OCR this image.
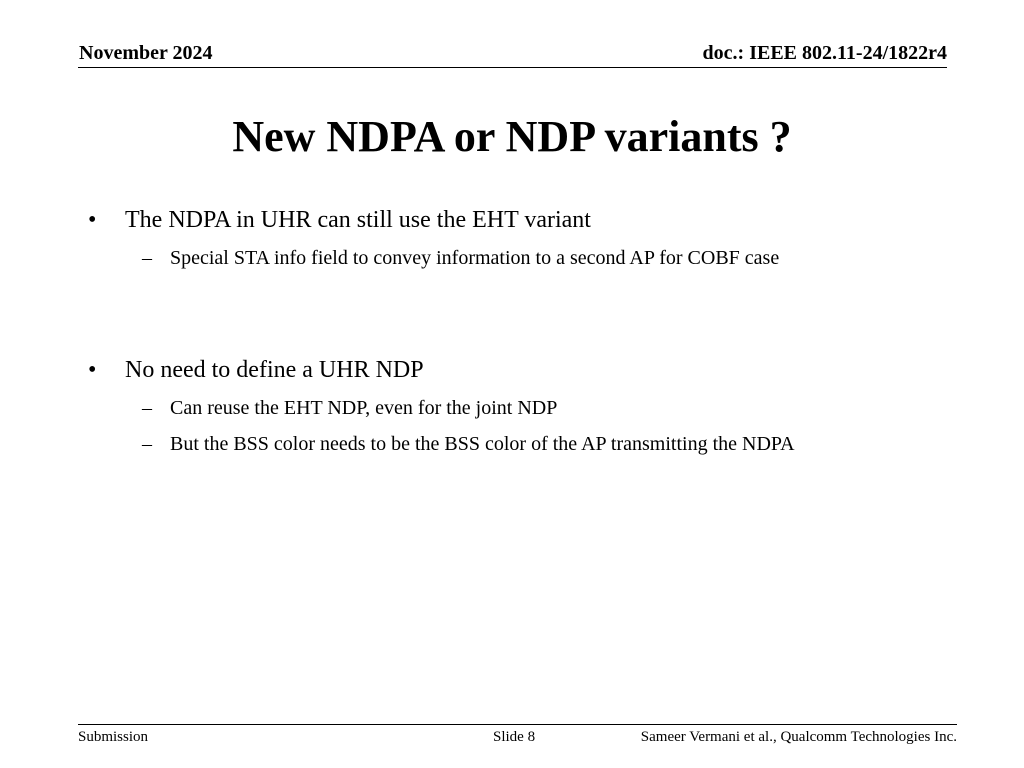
November 2024	doc.: IEEE 802.11-24/1822r4
New NDPA or NDP variants ?
• The NDPA in UHR can still use the EHT variant
– Special STA info field to convey information to a second AP for COBF case
• No need to define a UHR NDP
– Can reuse the EHT NDP, even for the joint NDP
– But the BSS color needs to be the BSS color of the AP transmitting the NDPA
Submission	Slide 8	Sameer Vermani et al., Qualcomm Technologies Inc.
